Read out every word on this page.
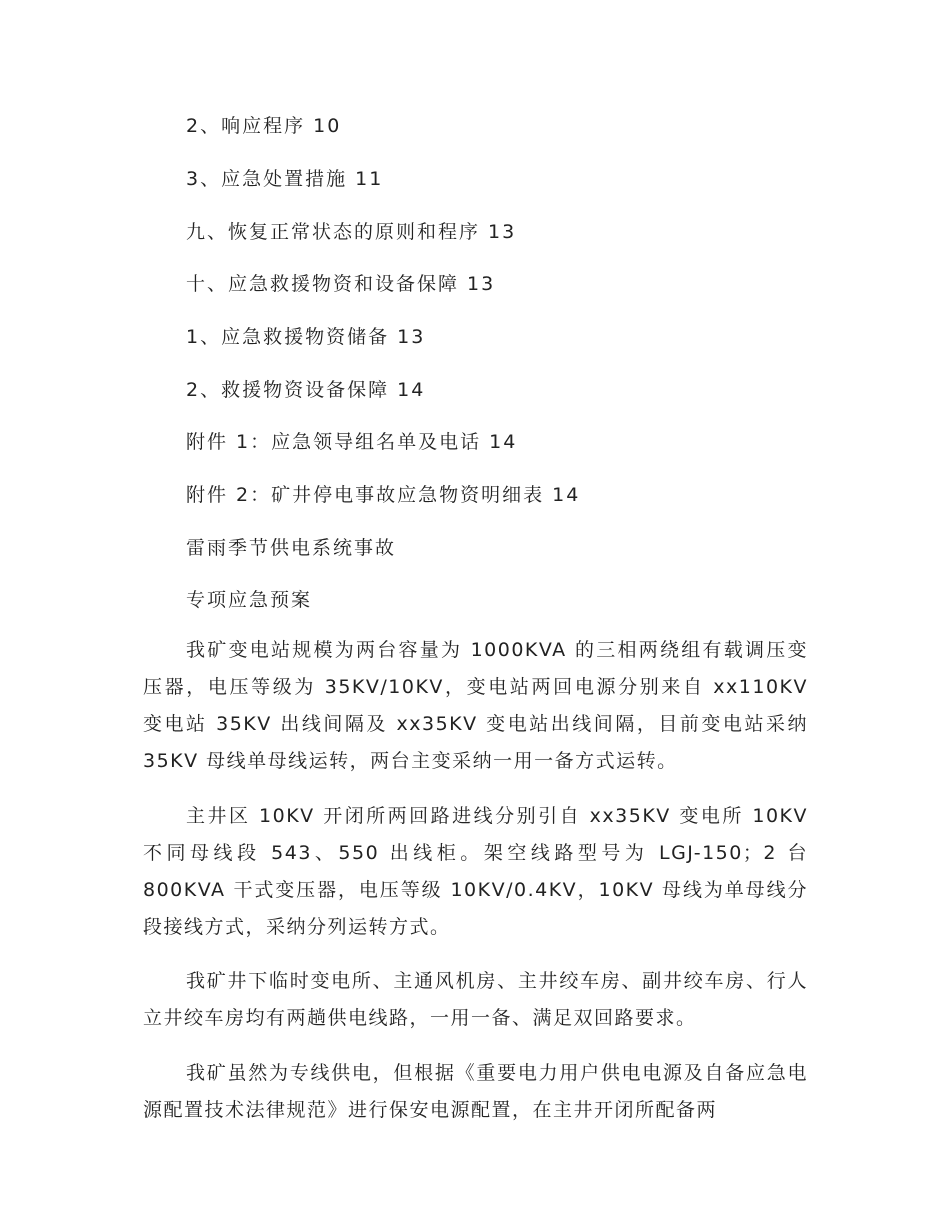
2、响应程序 10
3、应急处置措施 11
九、恢复正常状态的原则和程序 13
十、应急救援物资和设备保障 13
1、应急救援物资储备 13
2、救援物资设备保障 14
附件 1：应急领导组名单及电话 14
附件 2：矿井停电事故应急物资明细表 14
雷雨季节供电系统事故
专项应急预案

我矿变电站规模为两台容量为 1000KVA 的三相两绕组有载调压变压器，电压等级为 35KV/10KV，变电站两回电源分别来自 xx110KV 变电站 35KV 出线间隔及 xx35KV 变电站出线间隔，目前变电站采纳 35KV 母线单母线运转，两台主变采纳一用一备方式运转。

主井区 10KV 开闭所两回路进线分别引自 xx35KV 变电所 10KV 不同母线段 543、550 出线柜。架空线路型号为 LGJ-150；2 台 800KVA 干式变压器，电压等级 10KV/0.4KV，10KV 母线为单母线分段接线方式，采纳分列运转方式。

我矿井下临时变电所、主通风机房、主井绞车房、副井绞车房、行人立井绞车房均有两趟供电线路，一用一备、满足双回路要求。

我矿虽然为专线供电，但根据《重要电力用户供电电源及自备应急电源配置技术法律规范》进行保安电源配置，在主井开闭所配备两
